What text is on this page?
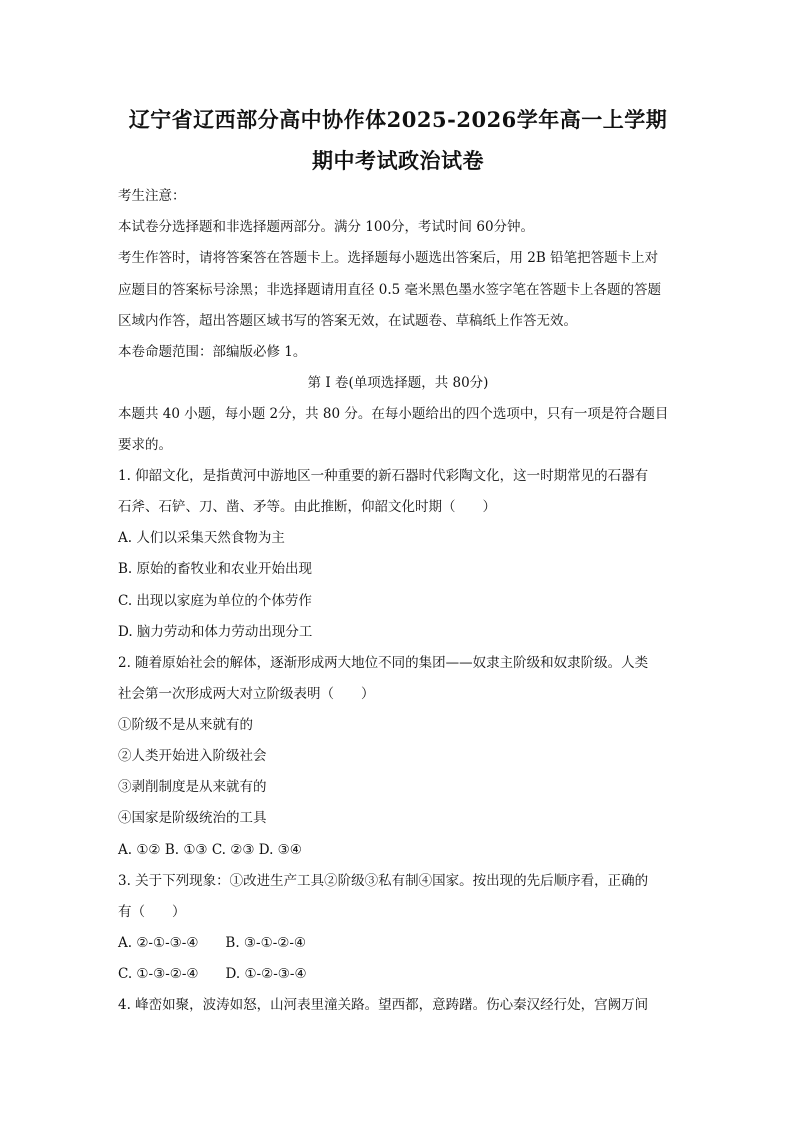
辽宁省辽西部分高中协作体2025-2026学年高一上学期
期中考试政治试卷
考生注意：
本试卷分选择题和非选择题两部分。满分 100分，考试时间 60分钟。
考生作答时，请将答案答在答题卡上。选择题每小题选出答案后，用 2B 铅笔把答题卡上对
应题目的答案标号涂黑；非选择题请用直径 0.5 毫米黑色墨水签字笔在答题卡上各题的答题
区域内作答，超出答题区域书写的答案无效，在试题卷、草稿纸上作答无效。
本卷命题范围：部编版必修 1。
第 I 卷(单项选择题，共 80分)
本题共 40 小题，每小题 2分，共 80 分。在每小题给出的四个选项中，只有一项是符合题目
要求的。
1. 仰韶文化，是指黄河中游地区一种重要的新石器时代彩陶文化，这一时期常见的石器有
石斧、石铲、刀、凿、矛等。由此推断，仰韶文化时期（　　）
A. 人们以采集天然食物为主
B. 原始的畜牧业和农业开始出现
C. 出现以家庭为单位的个体劳作
D. 脑力劳动和体力劳动出现分工
2. 随着原始社会的解体，逐渐形成两大地位不同的集团——奴隶主阶级和奴隶阶级。人类
社会第一次形成两大对立阶级表明（　　）
①阶级不是从来就有的
②人类开始进入阶级社会
③剥削制度是从来就有的
④国家是阶级统治的工具
A. ①② B. ①③ C. ②③ D. ③④
3. 关于下列现象：①改进生产工具②阶级③私有制④国家。按出现的先后顺序看，正确的
有（　　）
A. ②-①-③-④　　B. ③-①-②-④
C. ①-③-②-④　　D. ①-②-③-④
4. 峰峦如聚，波涛如怒，山河表里潼关路。望西都，意踌躇。伤心秦汉经行处，宫阙万间
